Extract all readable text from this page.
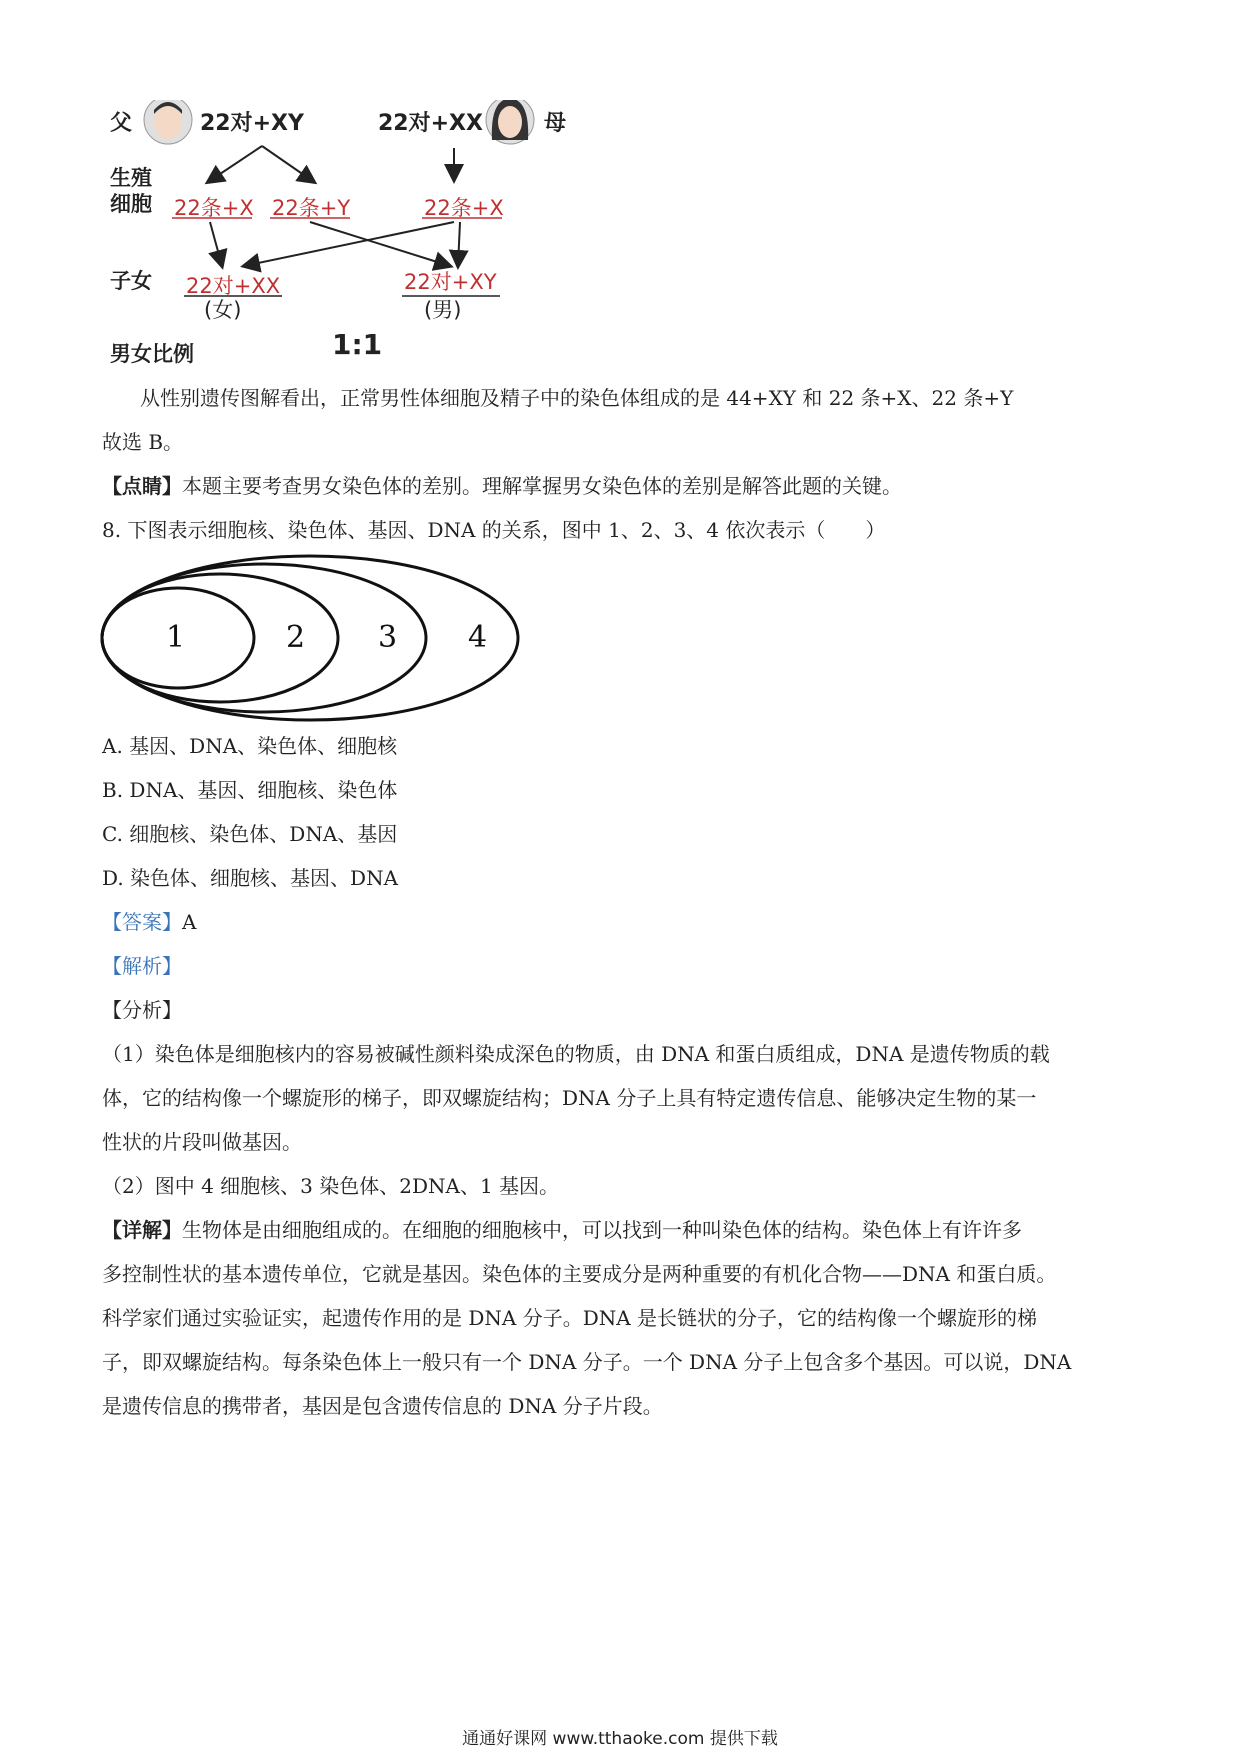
父	22对+XY	22对+XX	母
生殖
细胞 22条+X 22条+Y	22条+X
子女 22对+XX
(女)
22对+XY
(男)
男女比例	1:1
从性别遗传图解看出，正常男性体细胞及精子中的染色体组成的是 44+XY 和 22 条+X、22 条+Y
故选 B。
【点睛】本题主要考查男女染色体的差别。理解掌握男女染色体的差别是解答此题的关键。
8. 下图表示细胞核、染色体、基因、DNA 的关系，图中 1、2、3、4 依次表示（　　）
1	2 3 4
A. 基因、DNA、染色体、细胞核
B. DNA、基因、细胞核、染色体
C. 细胞核、染色体、DNA、基因
D. 染色体、细胞核、基因、DNA
【答案】A
【解析】
【分析】
（1）染色体是细胞核内的容易被碱性颜料染成深色的物质，由 DNA 和蛋白质组成，DNA 是遗传物质的载
体，它的结构像一个螺旋形的梯子，即双螺旋结构；DNA 分子上具有特定遗传信息、能够决定生物的某一
性状的片段叫做基因。
（2）图中 4 细胞核、3 染色体、2DNA、1 基因。
【详解】生物体是由细胞组成的。在细胞的细胞核中，可以找到一种叫染色体的结构。染色体上有许许多
多控制性状的基本遗传单位，它就是基因。染色体的主要成分是两种重要的有机化合物——DNA 和蛋白质。
科学家们通过实验证实，起遗传作用的是 DNA 分子。DNA 是长链状的分子，它的结构像一个螺旋形的梯
子，即双螺旋结构。每条染色体上一般只有一个 DNA 分子。一个 DNA 分子上包含多个基因。可以说，DNA
是遗传信息的携带者，基因是包含遗传信息的 DNA 分子片段。
通通好课网 www.tthaoke.com 提供下载
